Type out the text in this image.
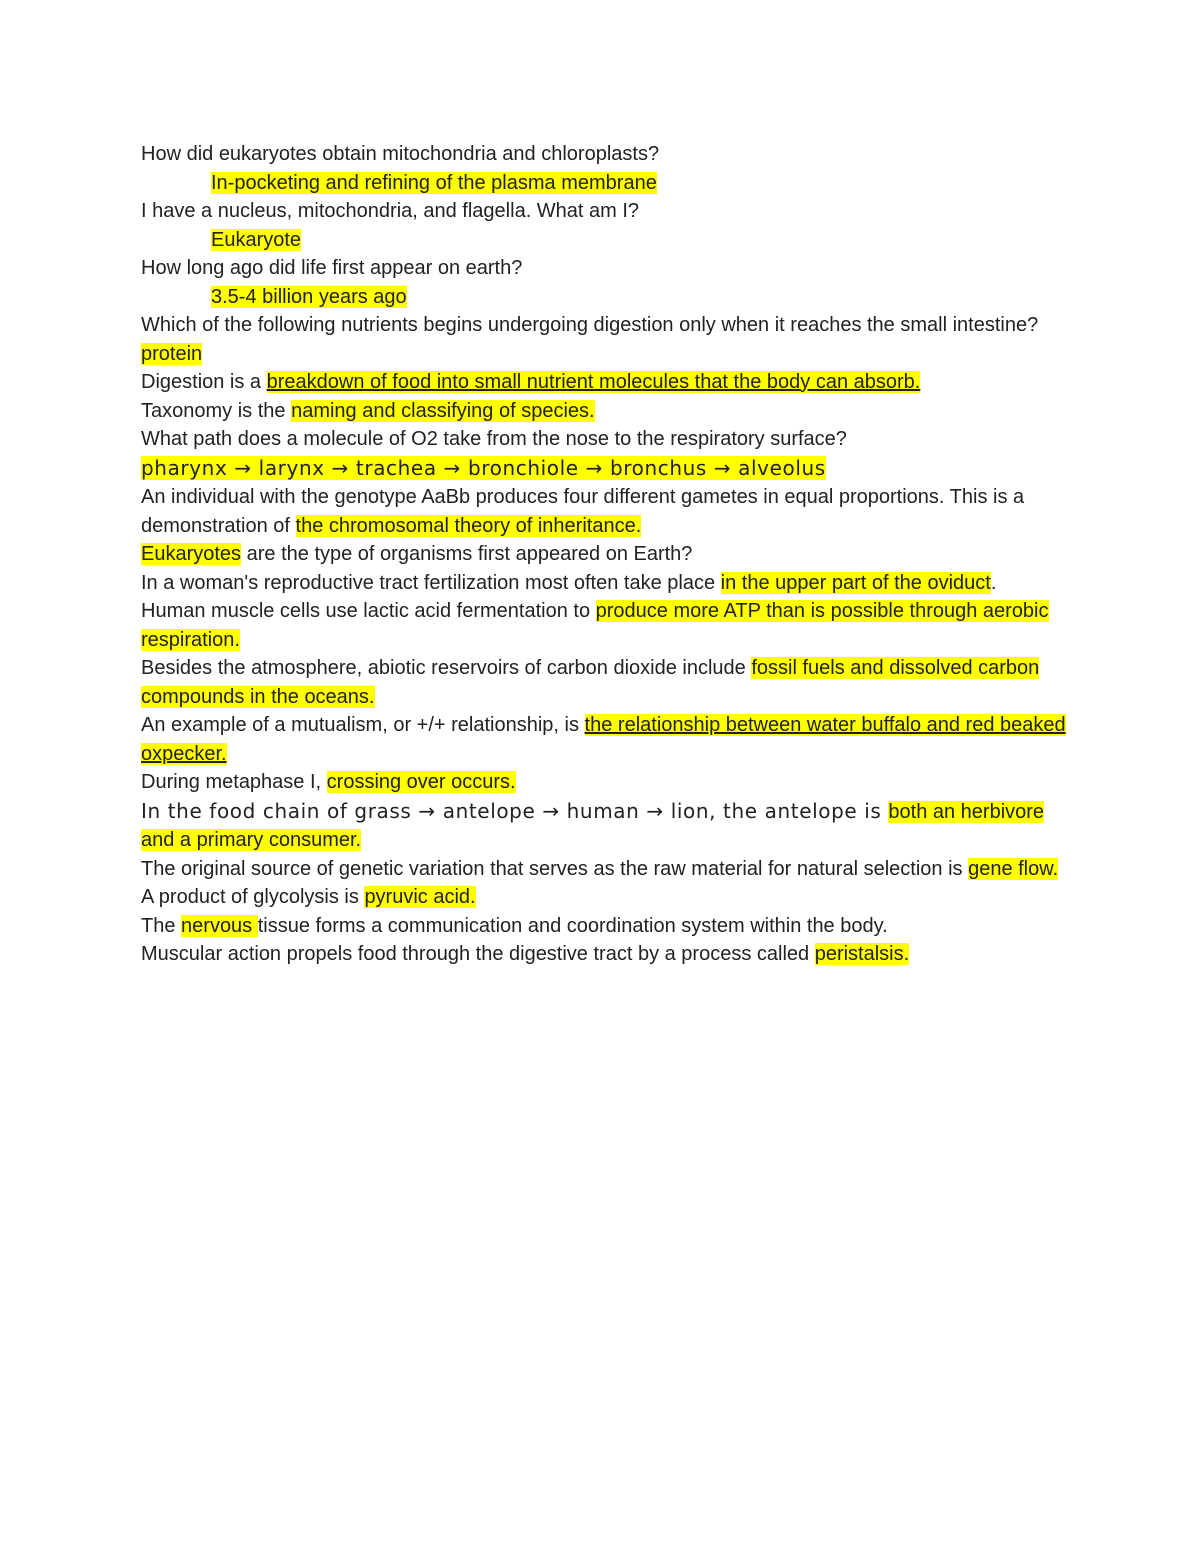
How did eukaryotes obtain mitochondria and chloroplasts?

In-pocketing and refining of the plasma membrane

I have a nucleus, mitochondria, and flagella. What am I?

Eukaryote

How long ago did life first appear on earth?

3.5-4 billion years ago

Which of the following nutrients begins undergoing digestion only when it reaches the small intestine?

protein

Digestion is a breakdown of food into small nutrient molecules that the body can absorb.

Taxonomy is the naming and classifying of species.

What path does a molecule of O2 take from the nose to the respiratory surface?

pharynx → larynx → trachea → bronchiole → bronchus → alveolus

An individual with the genotype AaBb produces four different gametes in equal proportions. This is a demonstration of the chromosomal theory of inheritance.

Eukaryotes are the type of organisms first appeared on Earth?

In a woman's reproductive tract fertilization most often take place in the upper part of the oviduct.

Human muscle cells use lactic acid fermentation to produce more ATP than is possible through aerobic respiration.

Besides the atmosphere, abiotic reservoirs of carbon dioxide include fossil fuels and dissolved carbon compounds in the oceans.

An example of a mutualism, or +/+ relationship, is the relationship between water buffalo and red beaked oxpecker.

During metaphase I, crossing over occurs.

In the food chain of grass → antelope → human → lion, the antelope is both an herbivore and a primary consumer.

The original source of genetic variation that serves as the raw material for natural selection is gene flow.

A product of glycolysis is pyruvic acid.

The nervous tissue forms a communication and coordination system within the body.

Muscular action propels food through the digestive tract by a process called peristalsis.
